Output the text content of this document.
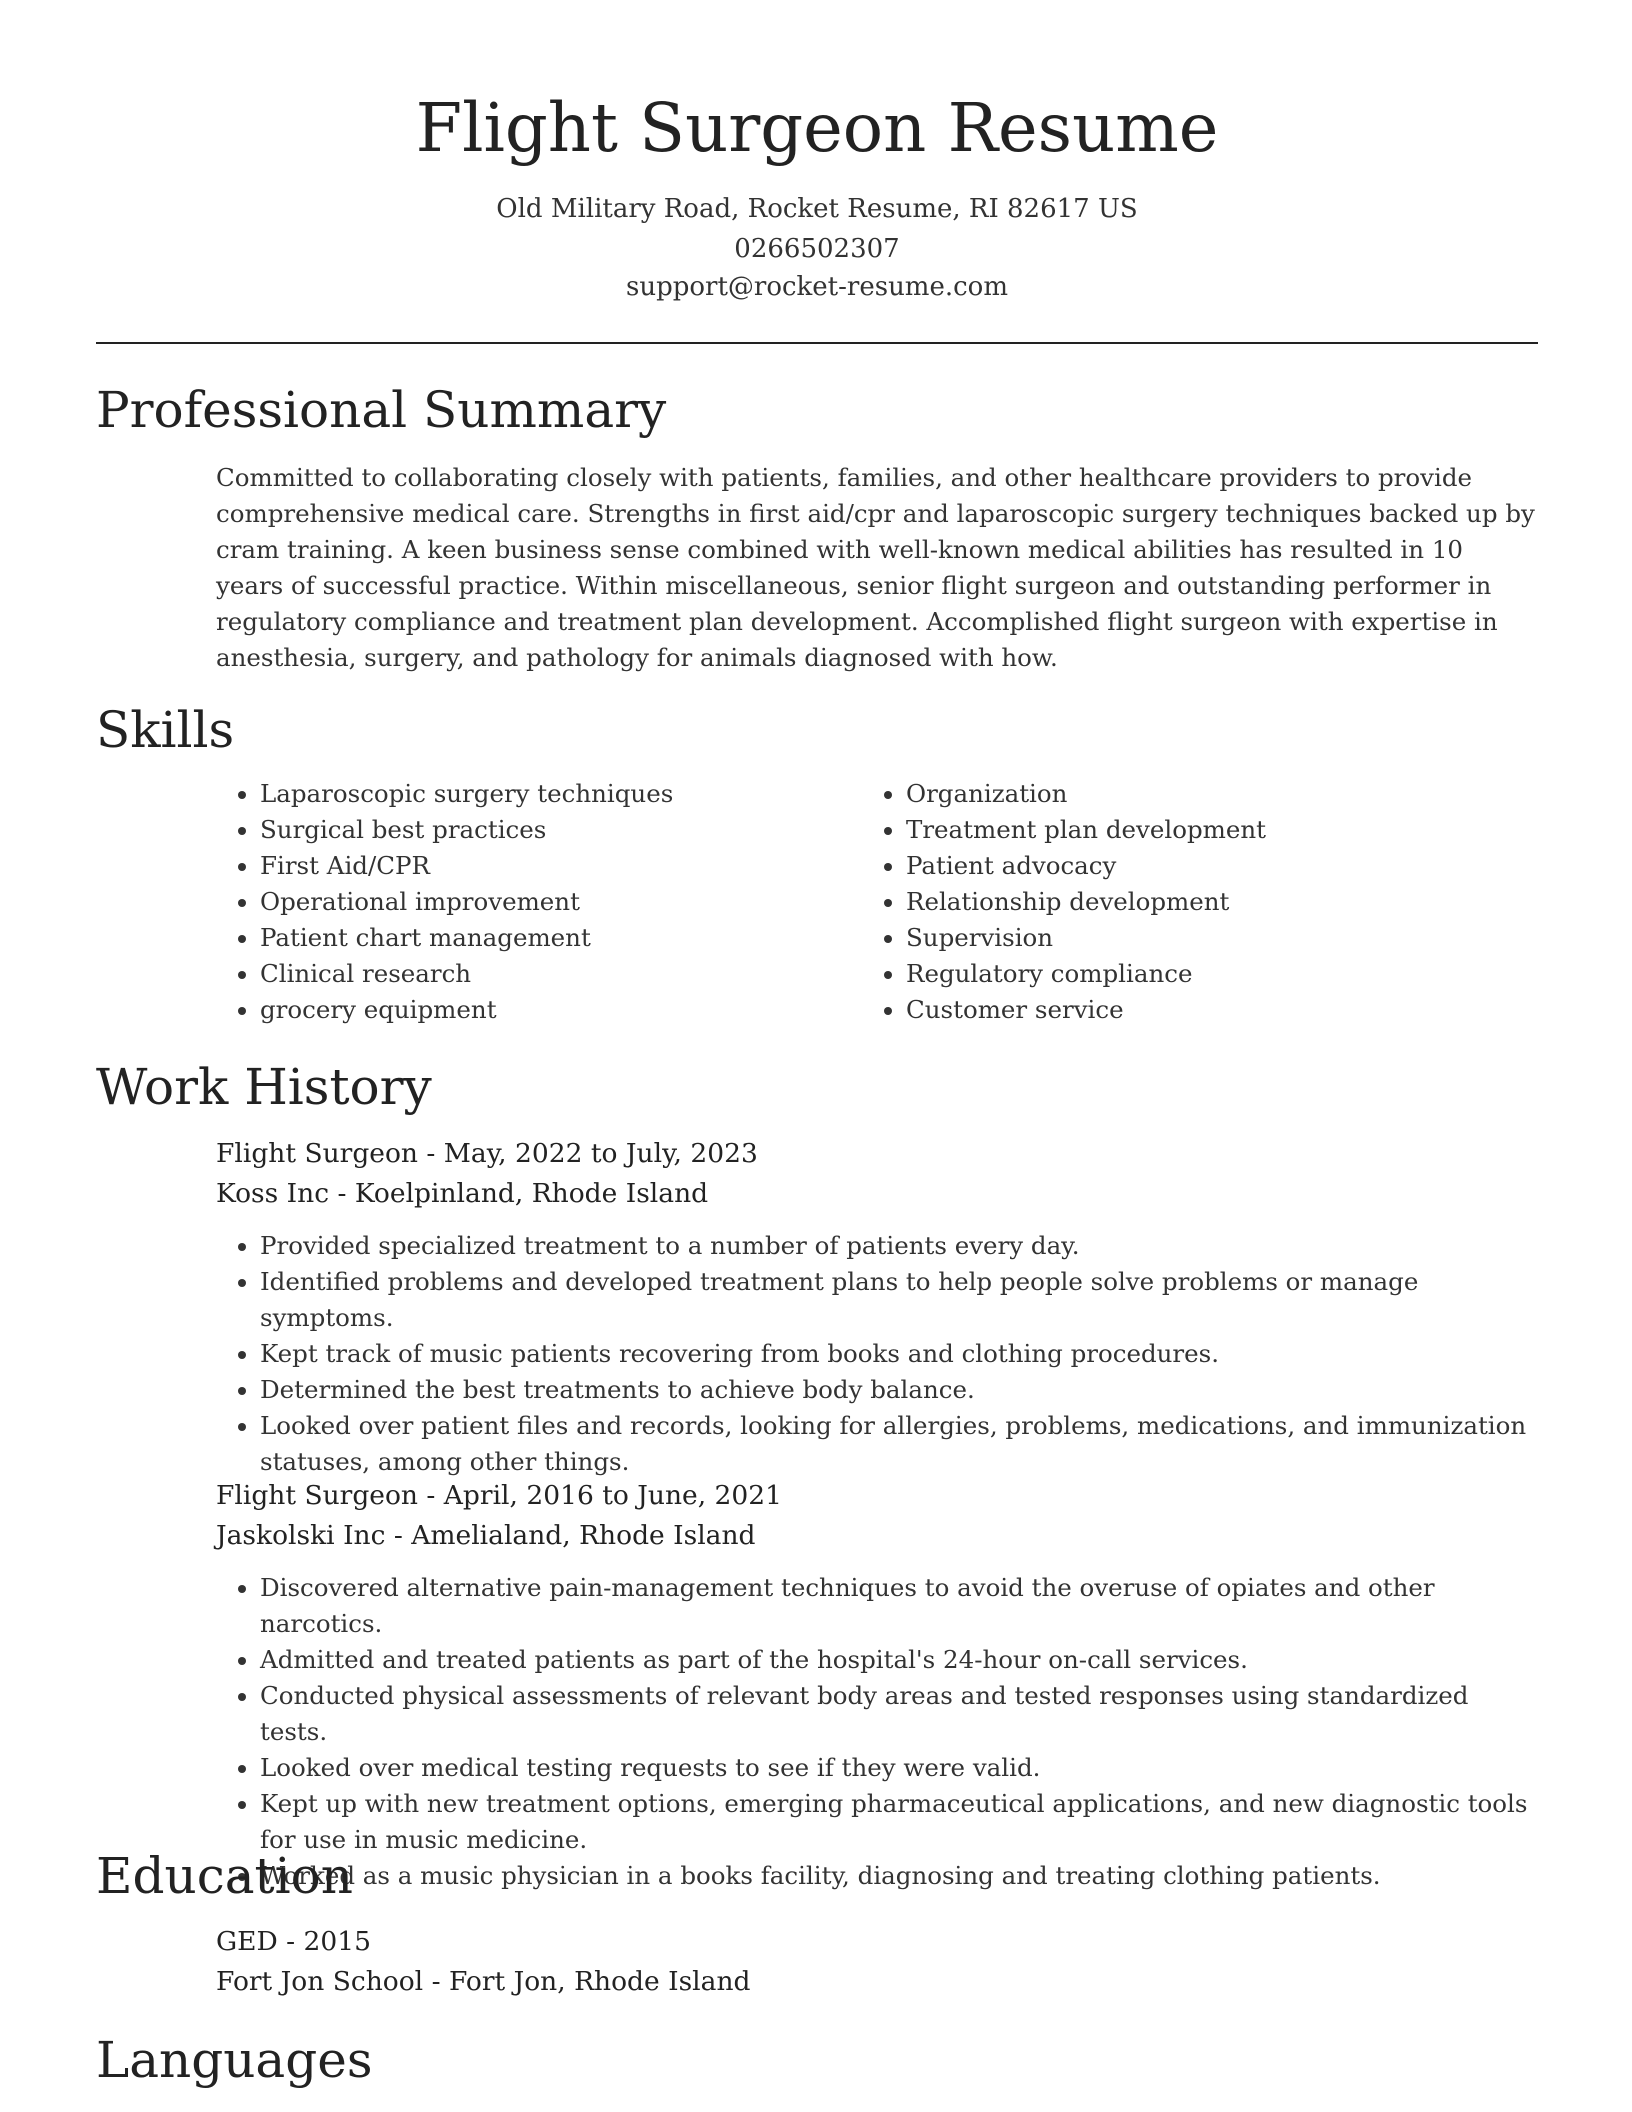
Flight Surgeon Resume
Old Military Road, Rocket Resume, RI 82617 US
0266502307
support@rocket-resume.com
Professional Summary

Committed to collaborating closely with patients, families, and other healthcare providers to provide comprehensive medical care. Strengths in first aid/cpr and laparoscopic surgery techniques backed up by cram training. A keen business sense combined with well-known medical abilities has resulted in 10 years of successful practice. Within miscellaneous, senior flight surgeon and outstanding performer in regulatory compliance and treatment plan development. Accomplished flight surgeon with expertise in anesthesia, surgery, and pathology for animals diagnosed with how.

Skills
• Laparoscopic surgery techniques
• Surgical best practices
• First Aid/CPR
• Operational improvement
• Patient chart management
• Clinical research
• grocery equipment
• Organization
• Treatment plan development
• Patient advocacy
• Relationship development
• Supervision
• Regulatory compliance
• Customer service
Work History
Flight Surgeon - May, 2022 to July, 2023
Koss Inc - Koelpinland, Rhode Island
• Provided specialized treatment to a number of patients every day.
• Identified problems and developed treatment plans to help people solve problems or manage symptoms.
• Kept track of music patients recovering from books and clothing procedures.
• Determined the best treatments to achieve body balance.
• Looked over patient files and records, looking for allergies, problems, medications, and immunization statuses, among other things.
Flight Surgeon - April, 2016 to June, 2021
Jaskolski Inc - Amelialand, Rhode Island
• Discovered alternative pain-management techniques to avoid the overuse of opiates and other narcotics.
• Admitted and treated patients as part of the hospital's 24-hour on-call services.
• Conducted physical assessments of relevant body areas and tested responses using standardized tests.
• Looked over medical testing requests to see if they were valid.
• Kept up with new treatment options, emerging pharmaceutical applications, and new diagnostic tools for use in music medicine.
• Worked as a music physician in a books facility, diagnosing and treating clothing patients.
Education
GED - 2015
Fort Jon School - Fort Jon, Rhode Island
Languages
